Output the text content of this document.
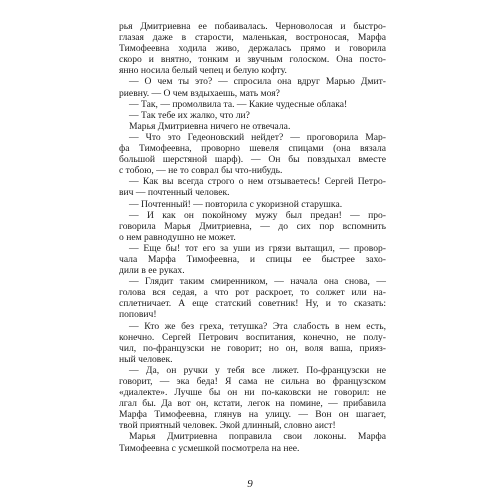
рья Дмитриевна ее побаивалась. Черноволосая и быстро-
глазая даже в старости, маленькая, востроносая, Марфа
Тимофеевна ходила живо, держалась прямо и говорила
скоро и внятно, тонким и звучным голоском. Она посто-
янно носила белый чепец и белую кофту.
— О чем ты это? — спросила она вдруг Марью Дмит-
риевну. — О чем вздыхаешь, мать моя?
— Так, — промолвила та. — Какие чудесные облака!
— Так тебе их жалко, что ли?
Марья Дмитриевна ничего не отвечала.
— Что это Гедеоновский нейдет? — проговорила Мар-
фа Тимофеевна, проворно шевеля спицами (она вязала
большой шерстяной шарф). — Он бы повздыхал вместе
с тобою, — не то соврал бы что-нибудь.
— Как вы всегда строго о нем отзываетесь! Сергей Петро-
вич — почтенный человек.
— Почтенный! — повторила с укоризной старушка.
— И как он покойному мужу был предан! — про-
говорила Марья Дмитриевна, — до сих пор вспомнить
о нем равнодушно не может.
— Еще бы! тот его за уши из грязи вытащил, — провор-
чала Марфа Тимофеевна, и спицы ее быстрее захо-
дили в ее руках.
— Глядит таким смиренником, — начала она снова, —
голова вся седая, а что рот раскроет, то солжет или на-
сплетничает. А еще статский советник! Ну, и то сказать:
попович!
— Кто же без греха, тетушка? Эта слабость в нем есть,
конечно. Сергей Петрович воспитания, конечно, не полу-
чил, по-французски не говорит; но он, воля ваша, прияз-
ный человек.
— Да, он ручки у тебя все лижет. По-французски не
говорит, — эка беда! Я сама не сильна во французском
«диалекте». Лучше бы он ни по-каковски не говорил: не
лгал бы. Да вот он, кстати, легок на помине, — прибавила
Марфа Тимофеевна, глянув на улицу. — Вон он шагает,
твой приятный человек. Экой длинный, словно аист!
Марья Дмитриевна поправила свои локоны. Марфа
Тимофеевна с усмешкой посмотрела на нее.
9
